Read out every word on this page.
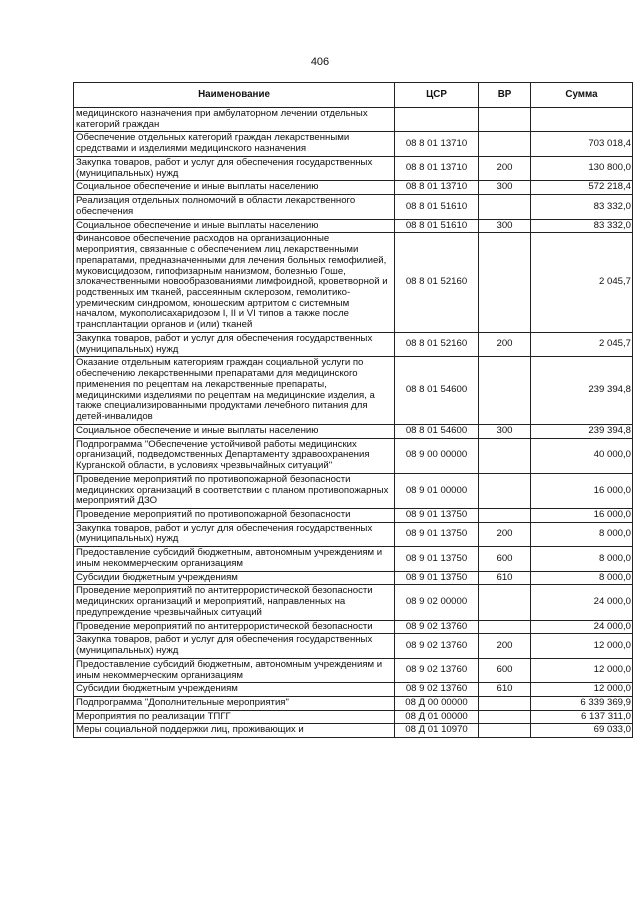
406
Наименование	ЦСР	ВР	Сумма
медицинского назначения при амбулаторном лечении отдельных категорий граждан			
Обеспечение отдельных категорий граждан лекарственными средствами и изделиями медицинского назначения	08 8 01 13710		703 018,4
Закупка товаров, работ и услуг для обеспечения государственных (муниципальных) нужд	08 8 01 13710	200	130 800,0
Социальное обеспечение и иные выплаты населению	08 8 01 13710	300	572 218,4
Реализация отдельных полномочий в области лекарственного обеспечения	08 8 01 51610		83 332,0
Социальное обеспечение и иные выплаты населению	08 8 01 51610	300	83 332,0
Финансовое обеспечение расходов на организационные мероприятия, связанные с обеспечением лиц лекарственными препаратами, предназначенными для лечения больных гемофилией, муковисцидозом, гипофизарным нанизмом, болезнью Гоше, злокачественными новообразованиями лимфоидной, кроветворной и родственных им тканей, рассеянным склерозом, гемолитико-уремическим синдромом, юношеским артритом с системным началом, мукополисахаридозом I, II и VI типов а также после трансплантации органов и (или) тканей	08 8 01 52160		2 045,7
Закупка товаров, работ и услуг для обеспечения государственных (муниципальных) нужд	08 8 01 52160	200	2 045,7
Оказание отдельным категориям граждан социальной услуги по обеспечению лекарственными препаратами для медицинского применения по рецептам на лекарственные препараты, медицинскими изделиями по рецептам на медицинские изделия, а также специализированными продуктами лечебного питания для детей-инвалидов	08 8 01 54600		239 394,8
Социальное обеспечение и иные выплаты населению	08 8 01 54600	300	239 394,8
Подпрограмма "Обеспечение устойчивой работы медицинских организаций, подведомственных Департаменту здравоохранения Курганской области, в условиях чрезвычайных ситуаций"	08 9 00 00000		40 000,0
Проведение мероприятий по противопожарной безопасности медицинских организаций в соответствии с планом противопожарных мероприятий ДЗО	08 9 01 00000		16 000,0
Проведение мероприятий по противопожарной безопасности	08 9 01 13750		16 000,0
Закупка товаров, работ и услуг для обеспечения государственных (муниципальных) нужд	08 9 01 13750	200	8 000,0
Предоставление субсидий бюджетным, автономным учреждениям и иным некоммерческим организациям	08 9 01 13750	600	8 000,0
Субсидии бюджетным учреждениям	08 9 01 13750	610	8 000,0
Проведение мероприятий по антитеррористической безопасности медицинских организаций и мероприятий, направленных на предупреждение чрезвычайных ситуаций	08 9 02 00000		24 000,0
Проведение мероприятий по антитеррористической безопасности	08 9 02 13760		24 000,0
Закупка товаров, работ и услуг для обеспечения государственных (муниципальных) нужд	08 9 02 13760	200	12 000,0
Предоставление субсидий бюджетным, автономным учреждениям и иным некоммерческим организациям	08 9 02 13760	600	12 000,0
Субсидии бюджетным учреждениям	08 9 02 13760	610	12 000,0
Подпрограмма "Дополнительные мероприятия"	08 Д 00 00000		6 339 369,9
Мероприятия по реализации ТПГГ	08 Д 01 00000		6 137 311,0
Меры социальной поддержки лиц, проживающих и	08 Д 01 10970		69 033,0
